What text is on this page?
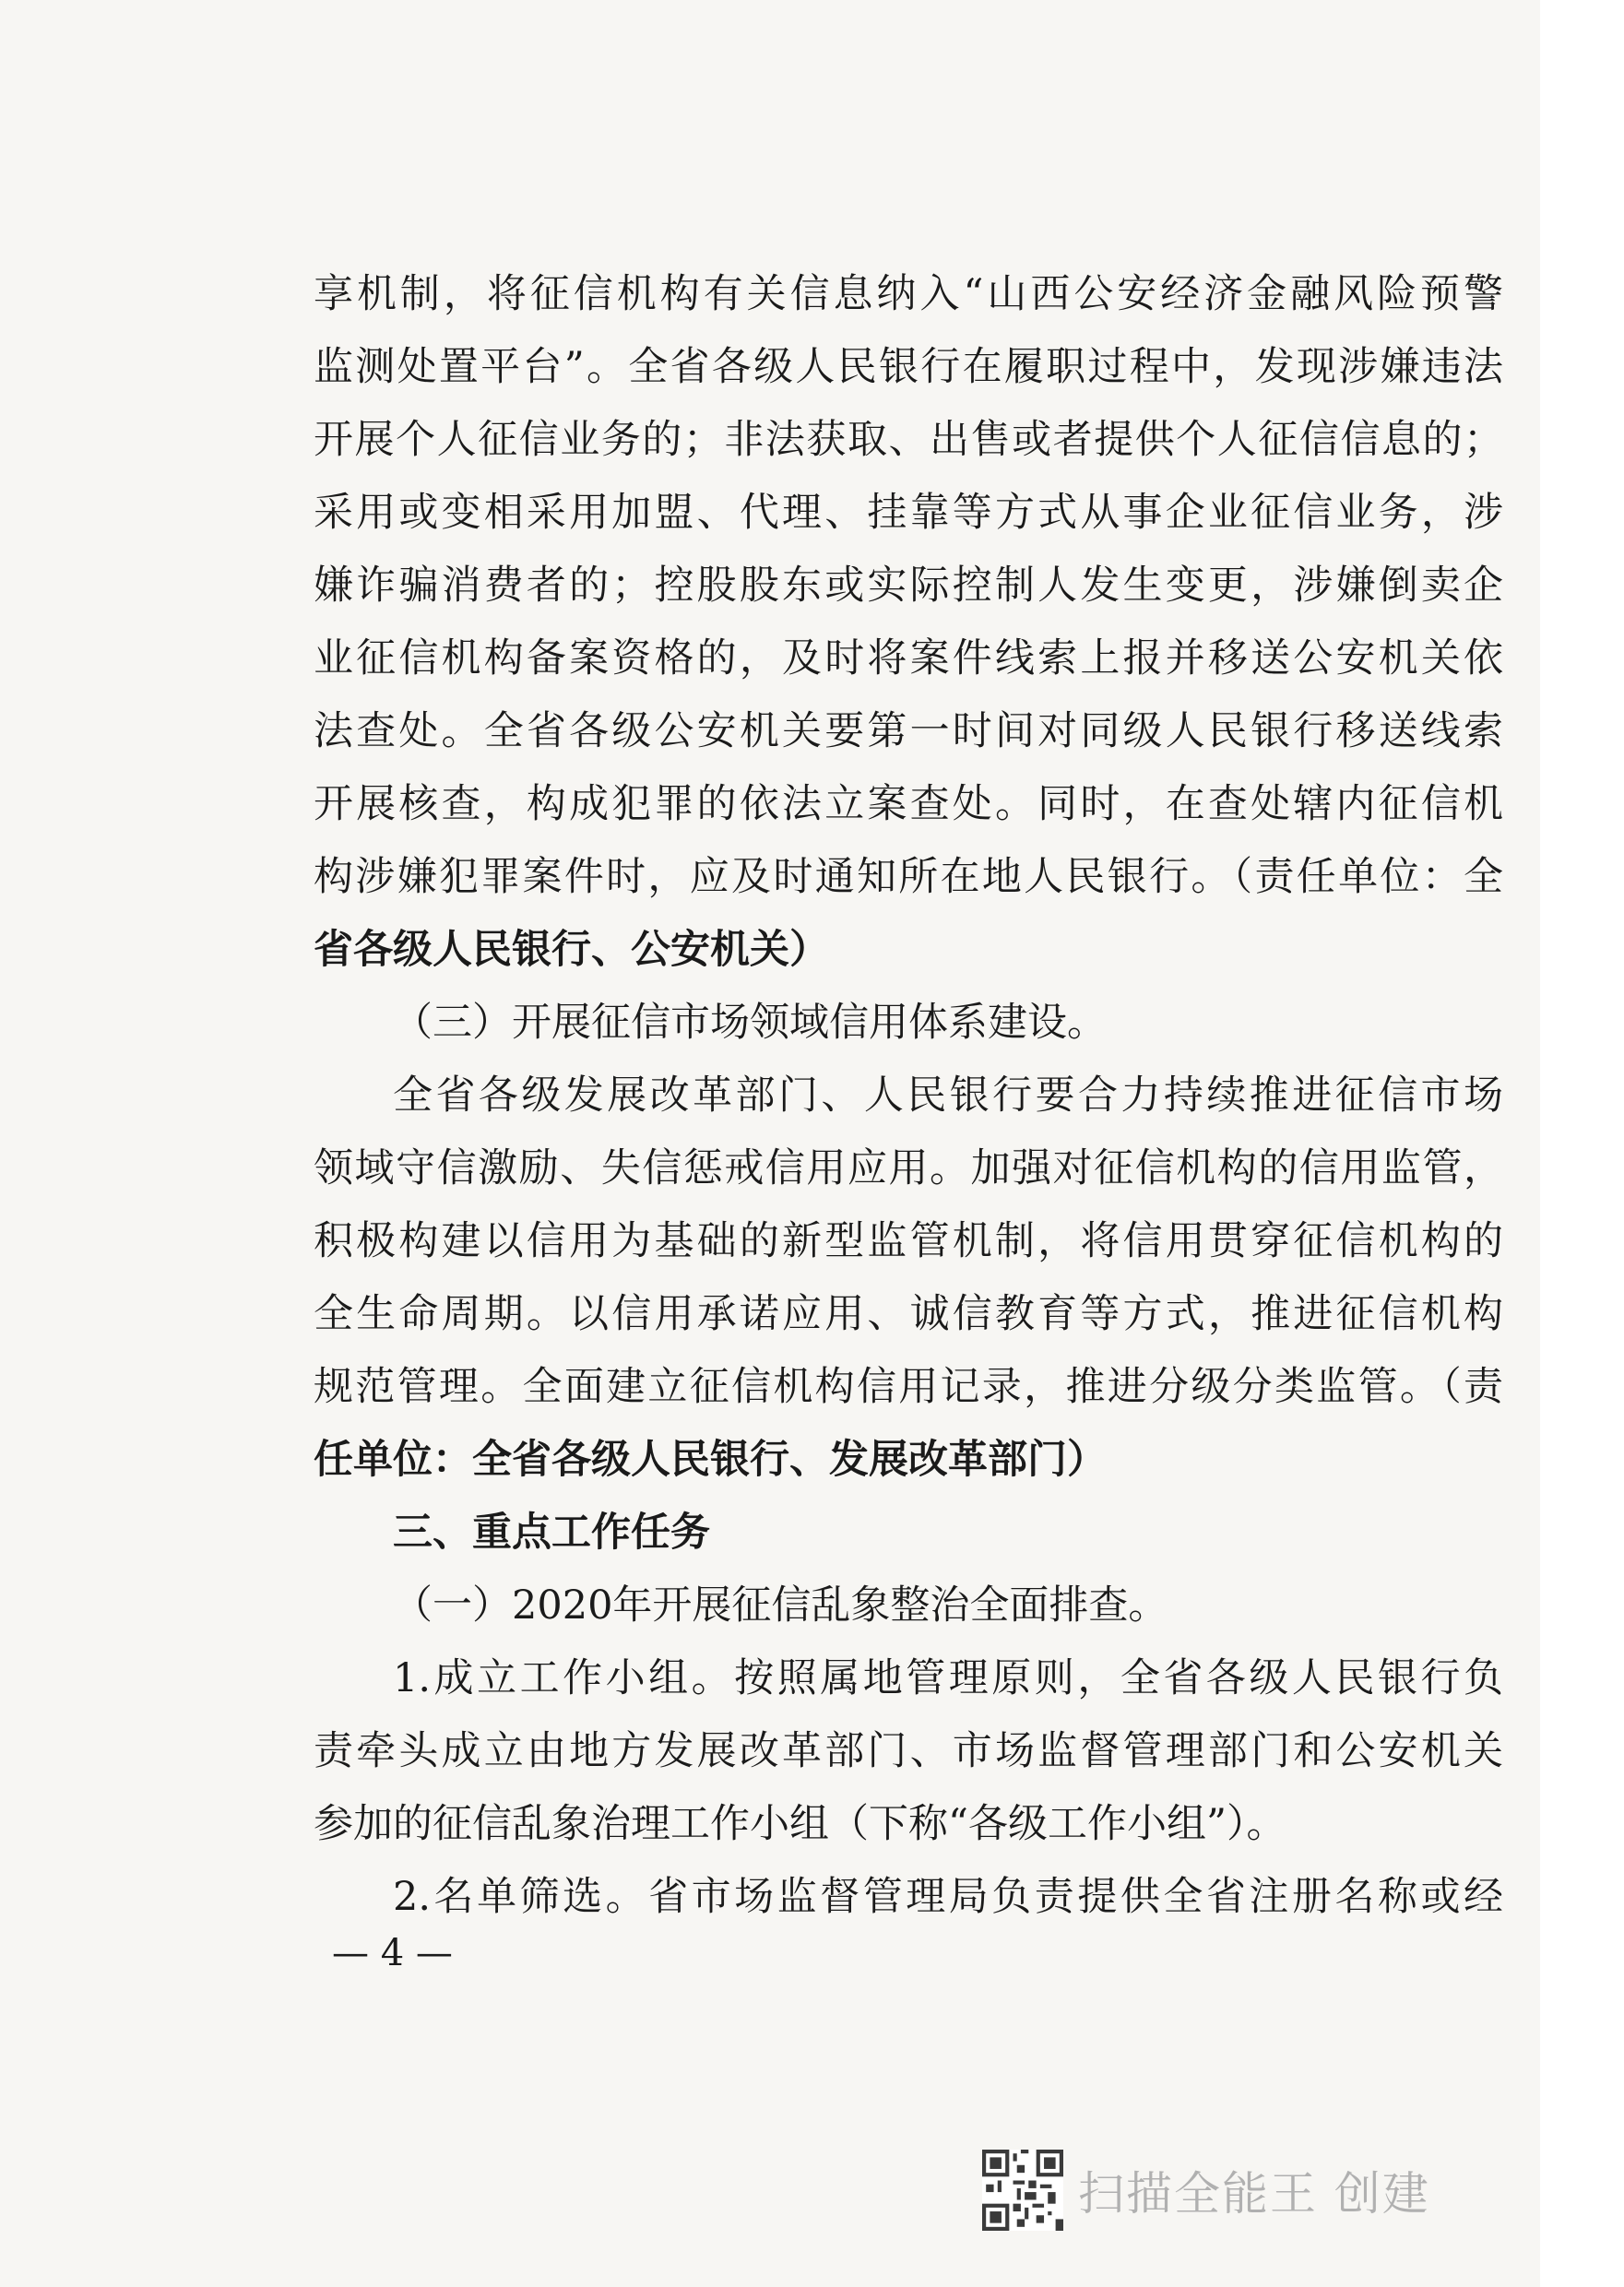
享机制，将征信机构有关信息纳入“山西公安经济金融风险预警
监测处置平台”。全省各级人民银行在履职过程中，发现涉嫌违法
开展个人征信业务的；非法获取、出售或者提供个人征信信息的；
采用或变相采用加盟、代理、挂靠等方式从事企业征信业务，涉
嫌诈骗消费者的；控股股东或实际控制人发生变更，涉嫌倒卖企
业征信机构备案资格的，及时将案件线索上报并移送公安机关依
法查处。全省各级公安机关要第一时间对同级人民银行移送线索
开展核查，构成犯罪的依法立案查处。同时，在查处辖内征信机
构涉嫌犯罪案件时，应及时通知所在地人民银行。（责任单位：全
省各级人民银行、公安机关）
（三）开展征信市场领域信用体系建设。
全省各级发展改革部门、人民银行要合力持续推进征信市场
领域守信激励、失信惩戒信用应用。加强对征信机构的信用监管，
积极构建以信用为基础的新型监管机制，将信用贯穿征信机构的
全生命周期。以信用承诺应用、诚信教育等方式，推进征信机构
规范管理。全面建立征信机构信用记录，推进分级分类监管。（责
任单位：全省各级人民银行、发展改革部门）
三、重点工作任务
（一）2020年开展征信乱象整治全面排查。
1.成立工作小组。按照属地管理原则，全省各级人民银行负
责牵头成立由地方发展改革部门、市场监督管理部门和公安机关
参加的征信乱象治理工作小组（下称“各级工作小组”）。
2.名单筛选。省市场监督管理局负责提供全省注册名称或经
— 4 —
扫描全能王 创建
